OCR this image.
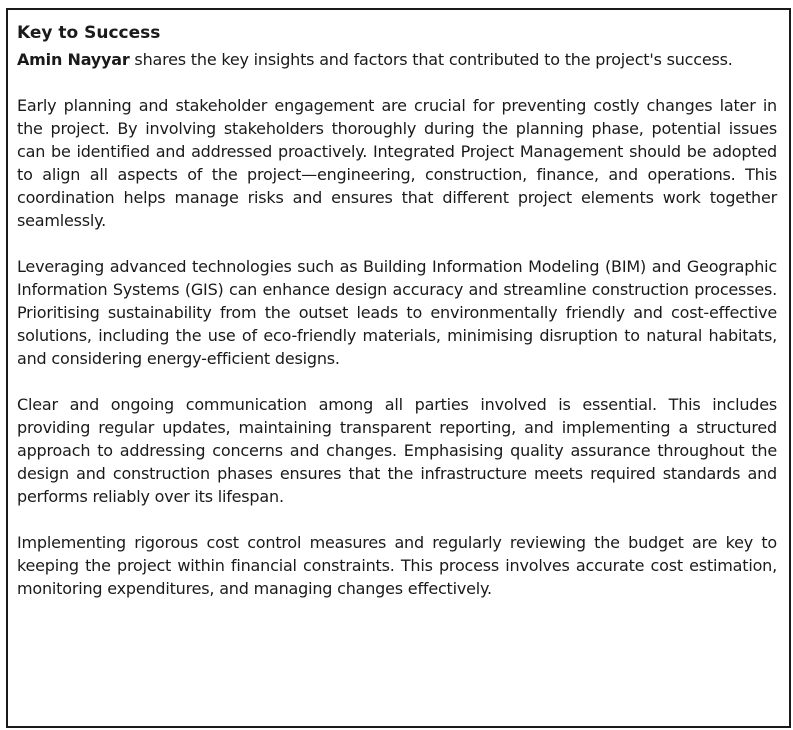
Key to Success

Amin Nayyar shares the key insights and factors that contributed to the project's success.

Early planning and stakeholder engagement are crucial for preventing costly changes later in the project. By involving stakeholders thoroughly during the planning phase, potential issues can be identified and addressed proactively. Integrated Project Management should be adopted to align all aspects of the project—engineering, construction, finance, and operations. This coordination helps manage risks and ensures that different project elements work together seamlessly.

Leveraging advanced technologies such as Building Information Modeling (BIM) and Geographic Information Systems (GIS) can enhance design accuracy and streamline construction processes. Prioritising sustainability from the outset leads to environmentally friendly and cost-effective solutions, including the use of eco-friendly materials, minimising disruption to natural habitats, and considering energy-efficient designs.

Clear and ongoing communication among all parties involved is essential. This includes providing regular updates, maintaining transparent reporting, and implementing a structured approach to addressing concerns and changes. Emphasising quality assurance throughout the design and construction phases ensures that the infrastructure meets required standards and performs reliably over its lifespan.

Implementing rigorous cost control measures and regularly reviewing the budget are key to keeping the project within financial constraints. This process involves accurate cost estimation, monitoring expenditures, and managing changes effectively.
